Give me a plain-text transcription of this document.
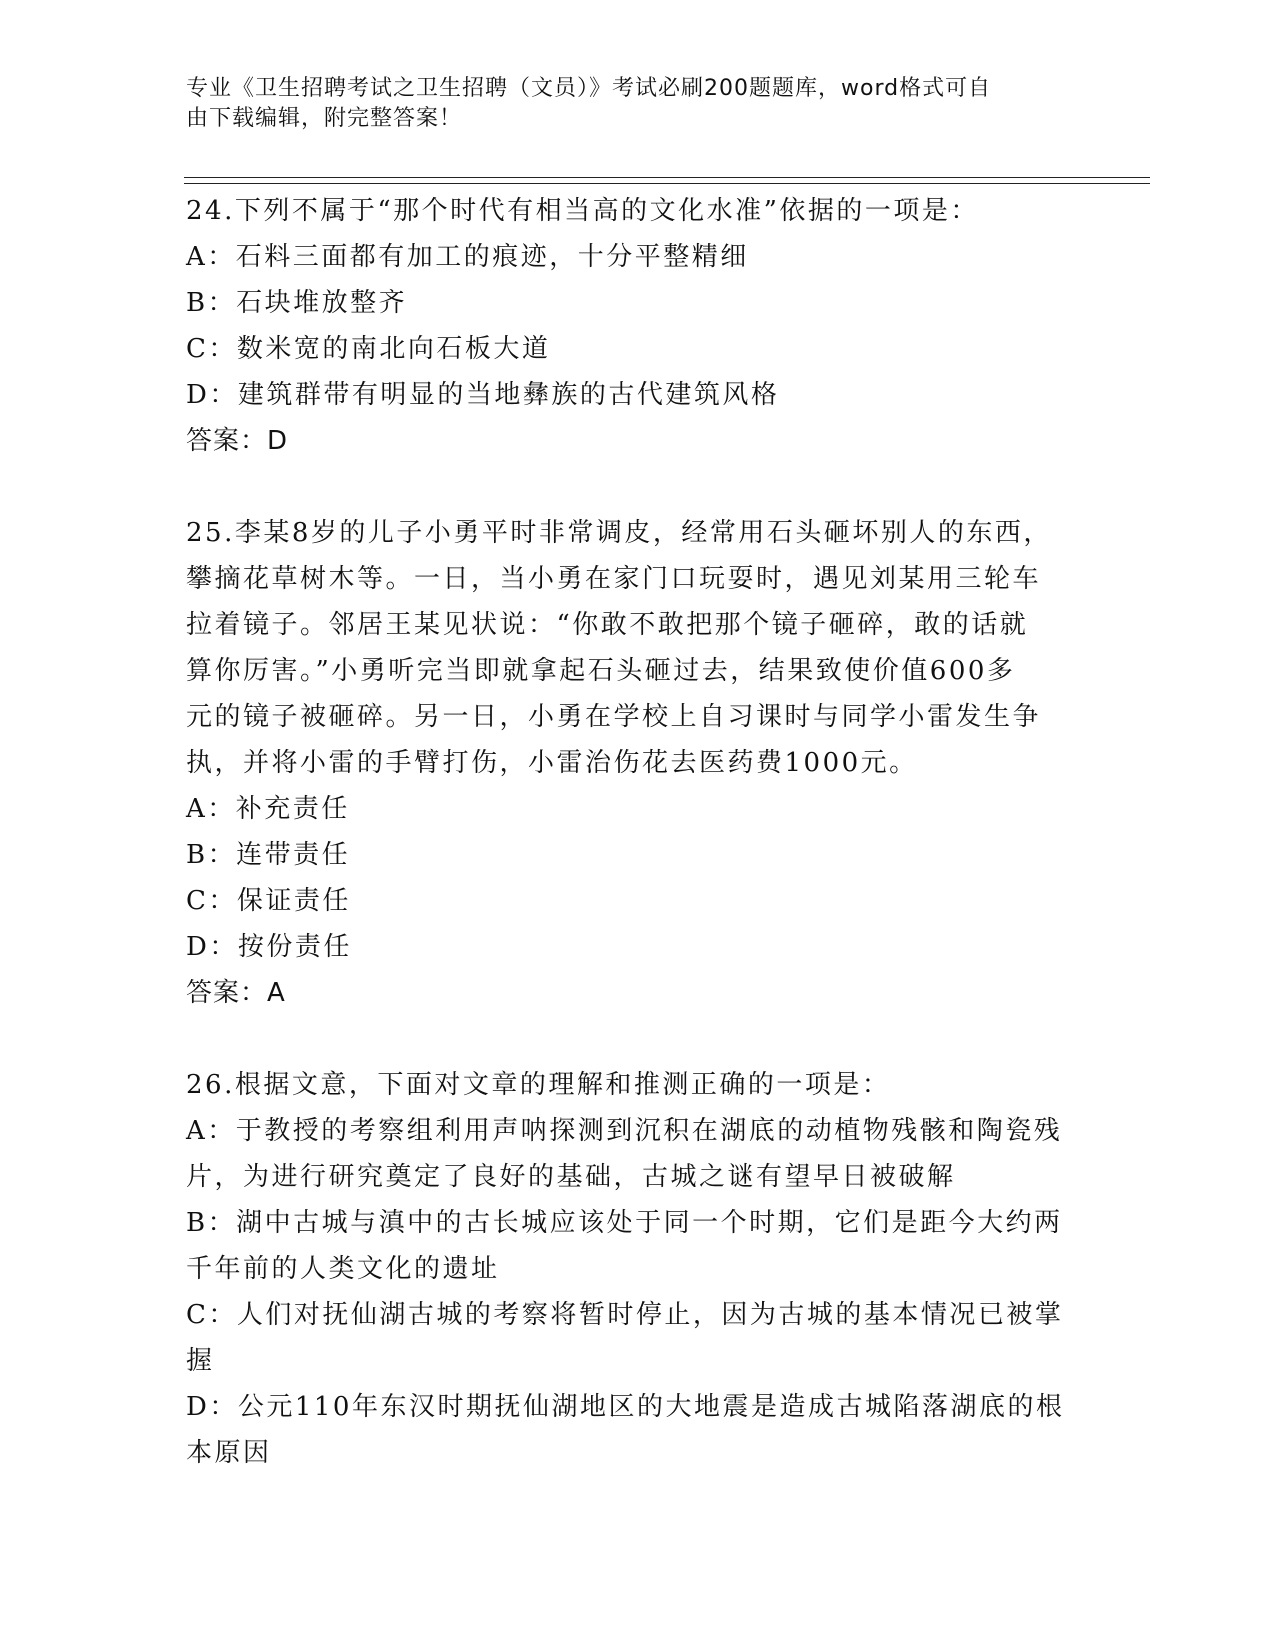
专业《卫生招聘考试之卫生招聘（文员）》考试必刷200题题库，word格式可自
由下载编辑，附完整答案！
24.下列不属于“那个时代有相当高的文化水准”依据的一项是：
A：石料三面都有加工的痕迹，十分平整精细
B：石块堆放整齐
C：数米宽的南北向石板大道
D：建筑群带有明显的当地彝族的古代建筑风格
答案：D
25.李某8岁的儿子小勇平时非常调皮，经常用石头砸坏别人的东西，
攀摘花草树木等。一日，当小勇在家门口玩耍时，遇见刘某用三轮车
拉着镜子。邻居王某见状说：“你敢不敢把那个镜子砸碎，敢的话就
算你厉害。”小勇听完当即就拿起石头砸过去，结果致使价值600多
元的镜子被砸碎。另一日，小勇在学校上自习课时与同学小雷发生争
执，并将小雷的手臂打伤，小雷治伤花去医药费1000元。
A：补充责任
B：连带责任
C：保证责任
D：按份责任
答案：A
26.根据文意，下面对文章的理解和推测正确的一项是：
A：于教授的考察组利用声呐探测到沉积在湖底的动植物残骸和陶瓷残
片，为进行研究奠定了良好的基础，古城之谜有望早日被破解
B：湖中古城与滇中的古长城应该处于同一个时期，它们是距今大约两
千年前的人类文化的遗址
C：人们对抚仙湖古城的考察将暂时停止，因为古城的基本情况已被掌
握
D：公元110年东汉时期抚仙湖地区的大地震是造成古城陷落湖底的根
本原因
